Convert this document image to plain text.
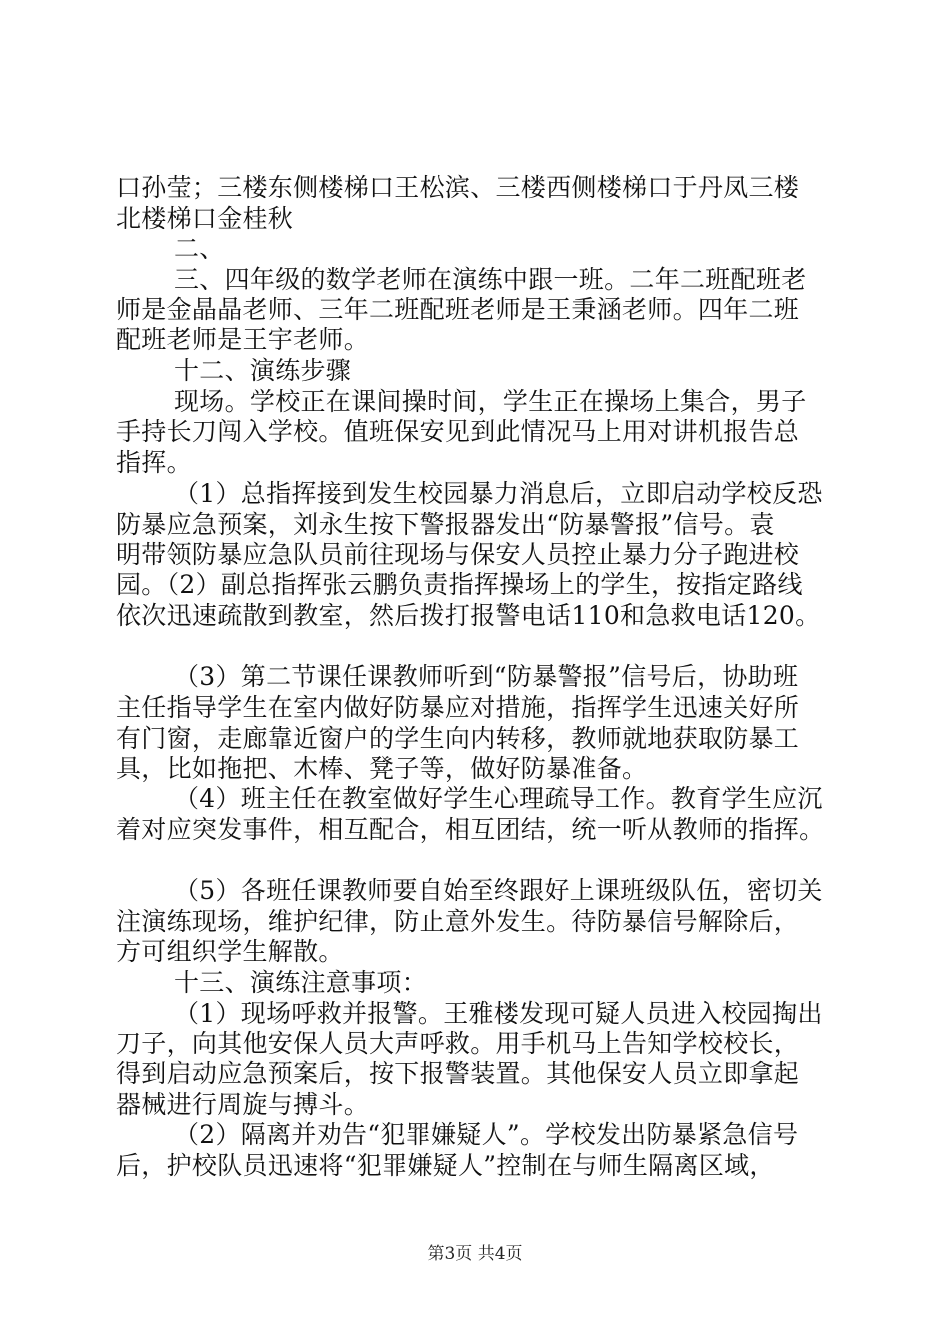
口孙莹；三楼东侧楼梯口王松滨、三楼西侧楼梯口于丹凤三楼
北楼梯口金桂秋
二、
三、四年级的数学老师在演练中跟一班。二年二班配班老
师是金晶晶老师、三年二班配班老师是王秉涵老师。四年二班
配班老师是王宇老师。
十二、演练步骤
现场。学校正在课间操时间，学生正在操场上集合，男子
手持长刀闯入学校。值班保安见到此情况马上用对讲机报告总
指挥。
（1）总指挥接到发生校园暴力消息后，立即启动学校反恐
防暴应急预案，刘永生按下警报器发出“防暴警报”信号。袁
明带领防暴应急队员前往现场与保安人员控止暴力分子跑进校
园。（2）副总指挥张云鹏负责指挥操场上的学生，按指定路线
依次迅速疏散到教室，然后拨打报警电话110和急救电话120。
（3）第二节课任课教师听到“防暴警报”信号后，协助班
主任指导学生在室内做好防暴应对措施，指挥学生迅速关好所
有门窗，走廊靠近窗户的学生向内转移，教师就地获取防暴工
具，比如拖把、木棒、凳子等，做好防暴准备。
（4）班主任在教室做好学生心理疏导工作。教育学生应沉
着对应突发事件，相互配合，相互团结，统一听从教师的指挥。
（5）各班任课教师要自始至终跟好上课班级队伍，密切关
注演练现场，维护纪律，防止意外发生。待防暴信号解除后，
方可组织学生解散。
十三、演练注意事项：
（1）现场呼救并报警。王雅楼发现可疑人员进入校园掏出
刀子，向其他安保人员大声呼救。用手机马上告知学校校长，
得到启动应急预案后，按下报警装置。其他保安人员立即拿起
器械进行周旋与搏斗。
（2）隔离并劝告“犯罪嫌疑人”。学校发出防暴紧急信号
后，护校队员迅速将“犯罪嫌疑人”控制在与师生隔离区域，
第3页 共4页
